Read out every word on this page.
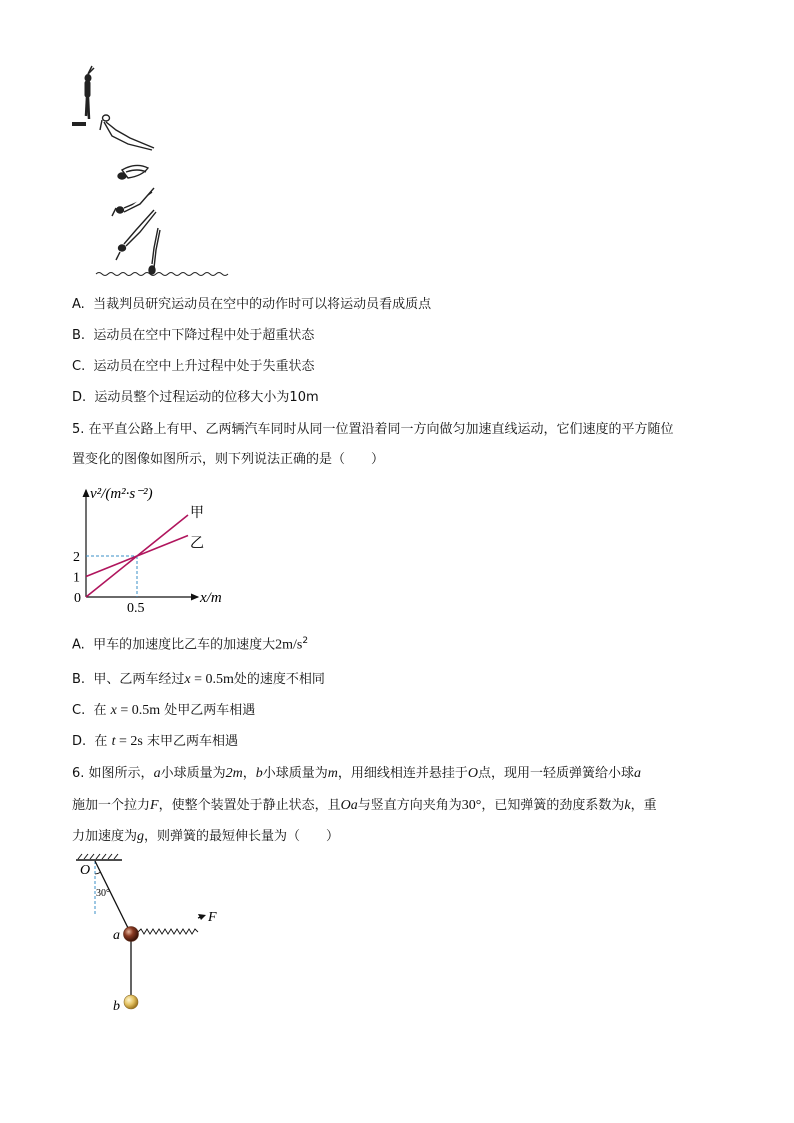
A. 当裁判员研究运动员在空中的动作时可以将运动员看成质点
B. 运动员在空中下降过程中处于超重状态
C. 运动员在空中上升过程中处于失重状态
D. 运动员整个过程运动的位移大小为10m
5. 在平直公路上有甲、乙两辆汽车同时从同一位置沿着同一方向做匀加速直线运动，它们速度的平方随位
置变化的图像如图所示，则下列说法正确的是（　　）
甲
乙
0.5
1
2
v²/(m²·s⁻²)
x/m
0
A. 甲车的加速度比乙车的加速度大$2m/s^2$
B. 甲、乙两车经过x = 0.5m处的速度不相同
C. 在 x = 0.5m 处甲乙两车相遇
D. 在 t = 2s 末甲乙两车相遇
6. 如图所示，a小球质量为2m，b小球质量为m，用细线相连并悬挂于O点，现用一轻质弹簧给小球a
施加一个拉力F，使整个装置处于静止状态，且Oa与竖直方向夹角为30°，已知弹簧的劲度系数为k，重
力加速度为g，则弹簧的最短伸长量为（　　）
O
30°
a
b
F
